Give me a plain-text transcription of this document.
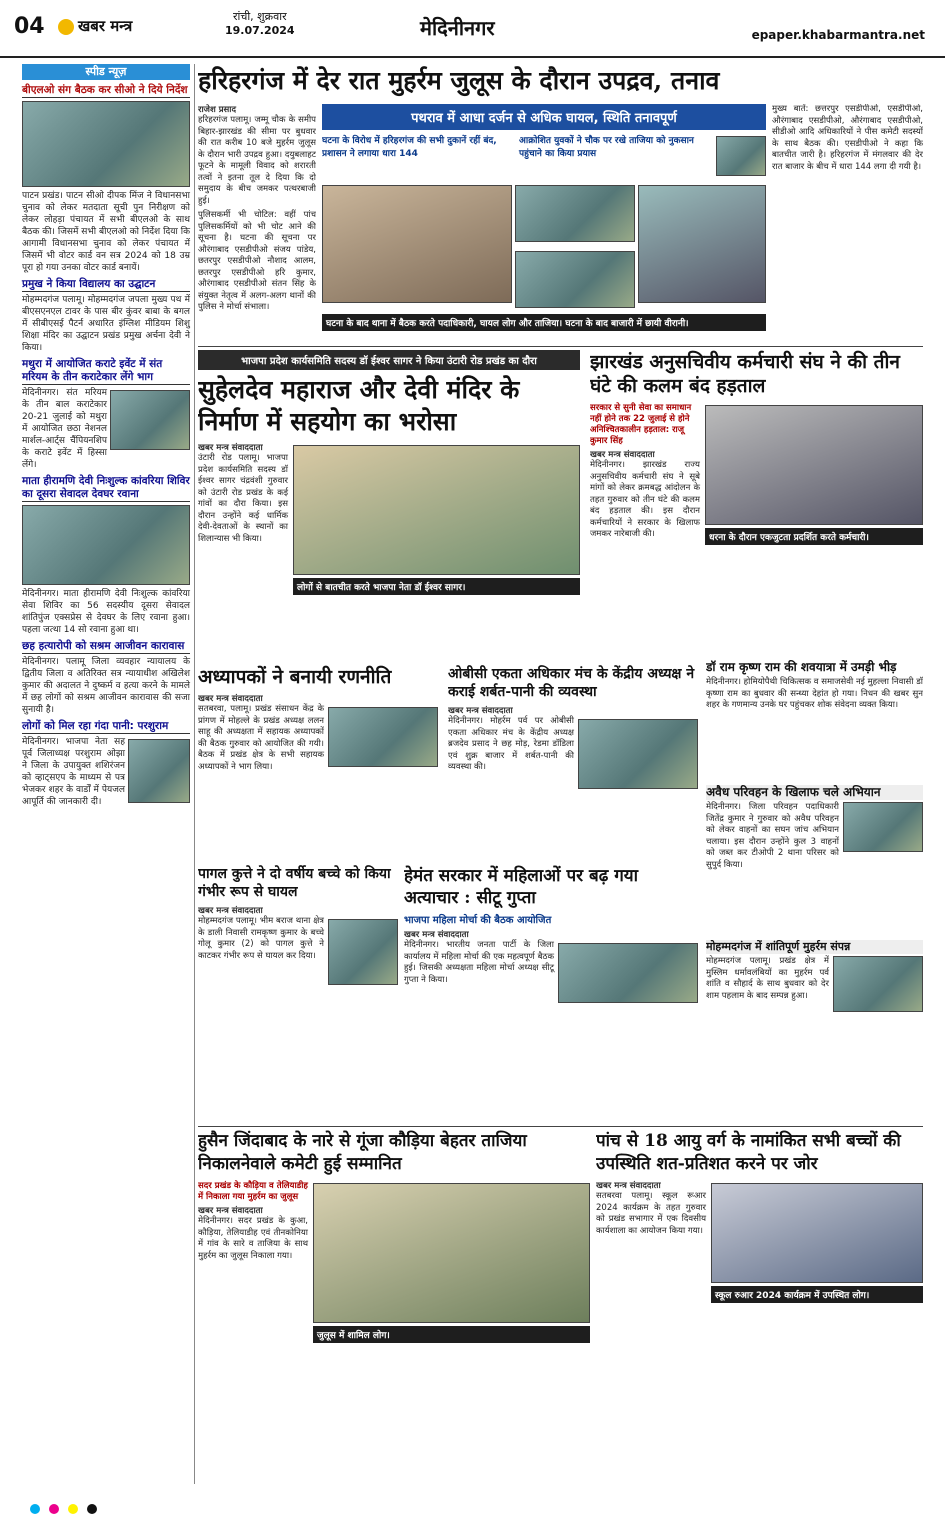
04	खबर मन्त्र
रांची, शुक्रवार
19.07.2024	मेदिनीनगर	epaper.khabarmantra.net
स्पीड न्यूज़
बीएलओ संग बैठक कर सीओ ने दिये निर्देश
पाटन प्रखंड। पाटन सीओ दीपक मिंज ने विधानसभा चुनाव को लेकर मतदाता सूची पुन निरीक्षण को लेकर लोहड़ा पंचायत में सभी बीएलओ के साथ बैठक की। जिसमें सभी बीएलओ को निर्देश दिया कि आगामी विधानसभा चुनाव को लेकर पंचायत में जिसमें भी वोटर कार्ड वन सत्र 2024 को 18 उम्र पूरा हो गया उनका वोटर कार्ड बनायें।
प्रमुख ने किया विद्यालय का उद्घाटन
मोहम्मदगंज पलामू। मोहम्मदगंज जपला मुख्य पथ में बीएसएनएल टावर के पास बीर कुंवर बाबा के बगल में सीबीएसई पैटर्न अधारित इंग्लिश मीडियम शिशु शिक्षा मंदिर का उद्घाटन प्रखंड प्रमुख अर्चना देवी ने किया।
मथुरा में आयोजित कराटे इवेंट में संत मरियम के तीन कराटेकार लेंगे भाग
मेदिनीनगर। संत मरियम के तीन बाल कराटेकार 20-21 जुलाई को मथुरा में आयोजित छठा नेशनल मार्शल-आर्ट्स चैंपियनशिप के कराटे इवेंट में हिस्सा लेंगे।
माता हीरामणि देवी निःशुल्क कांवरिया शिविर का दूसरा सेवादल देवघर रवाना
मेदिनीनगर। माता हीरामणि देवी निःशुल्क कांवरिया सेवा शिविर का 56 सदस्यीय दूसरा सेवादल शांतिपुंज एक्सप्रेस से देवघर के लिए रवाना हुआ। पहला जत्था 14 सो रवाना हुआ था।
छह हत्यारोपी को सश्रम आजीवन कारावास
मेदिनीनगर। पलामू जिला व्यवहार न्यायालय के द्वितीय जिला व अतिरिक्त सत्र न्यायाधीश अखिलेश कुमार की अदालत ने दुष्कर्म व हत्या करने के मामले में छह लोगों को सश्रम आजीवन कारावास की सजा सुनायी है।
लोगों को मिल रहा गंदा पानी: परशुराम
मेदिनीनगर। भाजपा नेता सह पूर्व जिलाध्यक्ष परशुराम ओझा ने जिला के उपायुक्त शशिरंजन को व्हाट्सएप के माध्यम से पत्र भेजकर शहर के वार्डों में पेयजल आपूर्ति की जानकारी दी।
हरिहरगंज में देर रात मुहर्रम जुलूस के दौरान उपद्रव, तनाव
राजेश प्रसाद
हरिहरगंज पलामू। जम्मू चौक के समीप बिहार-झारखंड की सीमा पर बुधवार की रात करीब 10 बजे मुहर्रम जुलूस के दौरान भारी उपद्रव हुआ। दयुबलाहट फूटने के मामूली विवाद को शरारती तत्वों ने इतना तूल दे दिया कि दो समुदाय के बीच जमकर पत्थरबाजी हुई।
पुलिसकर्मी भी चोटिल: वहीं पांच पुलिसकर्मियों को भी चोट आने की सूचना है। घटना की सूचना पर औरंगाबाद एसडीपीओ संजय पांडेय, छतरपुर एसडीपीओ नौशाद आलम, छतरपुर एसडीपीओ हरि कुमार, औरंगाबाद एसडीपीओ संतन सिंह के संयुक्त नेतृत्व में अलग-अलग थानों की पुलिस ने मोर्चा संभाला।
पथराव में आधा दर्जन से अधिक घायल, स्थिति तनावपूर्ण
घटना के विरोध में हरिहरगंज की सभी दुकानें रहीं बंद, प्रशासन ने लगाया धारा 144
आक्रोशित युवकों ने चौक पर रखे ताजिया को नुकसान पहुंचाने का किया प्रयास
घटना के बाद थाना में बैठक करते पदाधिकारी, घायल लोग और ताजिया। घटना के बाद बाजारी में छायी वीरानी।
मुख्य बातें: छत्तरपुर एसडीपीओ, एसडीपीओ, औरंगाबाद एसडीपीओ, औरंगाबाद एसडीपीओ, सीडीओ आदि अधिकारियों ने पीस कमेटी सदस्यों के साथ बैठक की। एसडीपीओ ने कहा कि बातचीत जारी है। हरिहरगंज में मंगलवार की देर रात बाजार के बीच में धारा 144 लगा दी गयी है।
भाजपा प्रदेश कार्यसमिति सदस्य डॉ ईश्वर सागर ने किया उंटारी रोड प्रखंड का दौरा
सुहेलदेव महाराज और देवी मंदिर के निर्माण में सहयोग का भरोसा
खबर मन्त्र संवाददाता
उंटारी रोड पलामू। भाजपा प्रदेश कार्यसमिति सदस्य डॉ ईश्वर सागर चंद्रवंशी गुरुवार को उंटारी रोड प्रखंड के कई गांवों का दौरा किया। इस दौरान उन्होंने कई धार्मिक देवी-देवताओं के स्थानों का शिलान्यास भी किया।
लोगों से बातचीत करते भाजपा नेता डॉ ईश्वर सागर।
झारखंड अनुसचिवीय कर्मचारी संघ ने की तीन घंटे की कलम बंद हड़ताल
सरकार से सुनी सेवा का समाधान नहीं होने तक 22 जुलाई से होने अनिश्चितकालीन हड़ताल: राजू कुमार सिंह
खबर मन्त्र संवाददाता
मेदिनीनगर। झारखंड राज्य अनुसचिवीय कर्मचारी संघ ने सूबे मांगों को लेकर क्रमबद्ध आंदोलन के तहत गुरुवार को तीन घंटे की कलम बंद हड़ताल की। इस दौरान कर्मचारियों ने सरकार के खिलाफ जमकर नारेबाजी की।	धरना के दौरान एकजुटता प्रदर्शित करते कर्मचारी।
अध्यापकों ने बनायी रणनीति
खबर मन्त्र संवाददाता
सतबरवा, पलामू। प्रखंड संसाधन केंद्र के प्रांगण में मोहल्ले के प्रखंड अध्यक्ष ललन साहू की अध्यक्षता में सहायक अध्यापकों की बैठक गुरुवार को आयोजित की गयी। बैठक में प्रखंड क्षेत्र के सभी सहायक अध्यापकों ने भाग लिया।
ओबीसी एकता अधिकार मंच के केंद्रीय अध्यक्ष ने कराई शर्बत-पानी की व्यवस्था
खबर मन्त्र संवाददाता
मेदिनीनगर। मोहर्रम पर्व पर ओबीसी एकता अधिकार मंच के केंद्रीय अध्यक्ष ब्रजदेव प्रसाद ने छह मोड़, रेडमा डॉडिला एवं शुक्र बाजार में शर्बत-पानी की व्यवस्था की।
डॉ राम कृष्ण राम की शवयात्रा में उमड़ी भीड़
मेदिनीनगर। होमियोपैथी चिकित्सक व समाजसेवी नई मुहल्ला निवासी डॉ कृष्णा राम का बुधवार की सन्ध्या देहांत हो गया। निधन की खबर सुन शहर के गणमान्य उनके घर पहुंचकर शोक संवेदना व्यक्त किया।
अवैध परिवहन के खिलाफ चले अभियान
मेदिनीनगर। जिला परिवहन पदाधिकारी जितेंद्र कुमार ने गुरुवार को अवैध परिवहन को लेकर वाहनों का सघन जांच अभियान चलाया। इस दौरान उन्होंने कुल 3 वाहनों को जब्त कर टीओपी 2 थाना परिसर को सुपुर्द किया।
पागल कुत्ते ने दो वर्षीय बच्चे को किया गंभीर रूप से घायल
खबर मन्त्र संवाददाता
मोहम्मदगंज पलामू। भीम बराज थाना क्षेत्र के डाली निवासी रामकृष्ण कुमार के बच्चे गोलू कुमार (2) को पागल कुत्ते ने काटकर गंभीर रूप से घायल कर दिया।
हेमंत सरकार में महिलाओं पर बढ़ गया अत्याचार : सीटू गुप्ता
भाजपा महिला मोर्चा की बैठक आयोजित
खबर मन्त्र संवाददाता
मेदिनीनगर। भारतीय जनता पार्टी के जिला कार्यालय में महिला मोर्चा की एक महत्वपूर्ण बैठक हुई। जिसकी अध्यक्षता महिला मोर्चा अध्यक्ष सीटू गुप्ता ने किया।
मोहम्मदगंज में शांतिपूर्ण मुहर्रम संपन्न
मोहम्मदगंज पलामू। प्रखंड क्षेत्र में मुस्लिम धर्मावलंबियों का मुहर्रम पर्व शांति व सौहार्द के साथ बुधवार को देर शाम पहलाम के बाद सम्पन्न हुआ।
हुसैन जिंदाबाद के नारे से गूंजा कौड़िया बेहतर ताजिया निकालनेवाले कमेटी हुई सम्मानित
सदर प्रखंड के कौड़िया व तेलियाडीह में निकाला गया मुहर्रम का जुलूस
खबर मन्त्र संवाददाता
मेदिनीनगर। सदर प्रखंड के कुआ, कौड़िया, तेलियाडीह एवं तीनकोनिया में गांव के सारे व ताजिया के साथ मुहर्रम का जुलूस निकाला गया।
जुलूस में शामिल लोग।
पांच से 18 आयु वर्ग के नामांकित सभी बच्चों की उपस्थिति शत-प्रतिशत करने पर जोर
खबर मन्त्र संवाददाता
सतबरवा पलामू। स्कूल रूआर 2024 कार्यक्रम के तहत गुरुवार को प्रखंड सभागार में एक दिवसीय कार्यशाला का आयोजन किया गया।
स्कूल रुआर 2024 कार्यक्रम में उपस्थित लोग।
